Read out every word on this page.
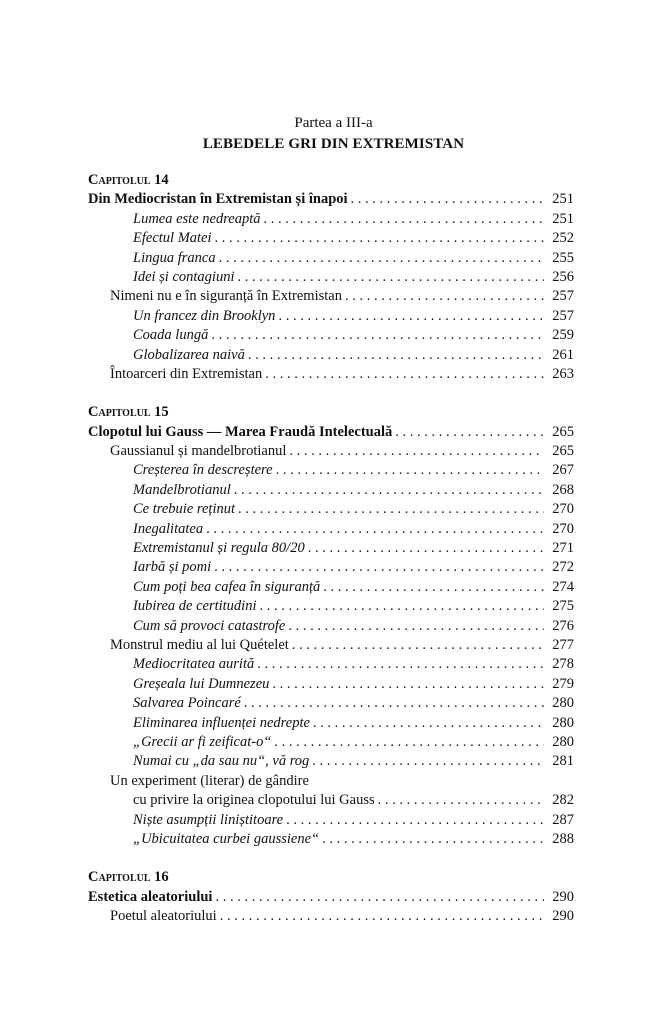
Partea a III-a
LEBEDELE GRI DIN EXTREMISTAN
Capitolul 14
Din Mediocristan în Extremistan și înapoi . . .	251
Lumea este nedreaptă . . .	251
Efectul Matei . . .	252
Lingua franca . . .	255
Idei și contagiuni . . .	256
Nimeni nu e în siguranță în Extremistan . . .	257
Un francez din Brooklyn . . .	257
Coada lungă . . .	259
Globalizarea naivă . . .	261
Întoarceri din Extremistan . . .	263
Capitolul 15
Clopotul lui Gauss — Marea Fraudă Intelectuală . . .	265
Gaussianul și mandelbrotianul . . .	265
Creșterea în descreștere . . .	267
Mandelbrotianul . . .	268
Ce trebuie reținut . . .	270
Inegalitatea . . .	270
Extremistanul și regula 80/20 . . .	271
Iarbă și pomi . . .	272
Cum poți bea cafea în siguranță . . .	274
Iubirea de certitudini . . .	275
Cum să provoci catastrofe . . .	276
Monstrul mediu al lui Quételet . . .	277
Mediocritatea aurită . . .	278
Greșeala lui Dumnezeu . . .	279
Salvarea Poincaré . . .	280
Eliminarea influenței nedrepte . . .	280
„Grecii ar fi zeificat-o“ . . .	280
Numai cu „da sau nu“, vă rog . . .	281
Un experiment (literar) de gândire
cu privire la originea clopotului lui Gauss . . .	282
Niște asumpții liniștitoare . . .	287
„Ubicuitatea curbei gaussiene“ . . .	288
Capitolul 16
Estetica aleatoriului . . .	290
Poetul aleatoriului . . .	290
